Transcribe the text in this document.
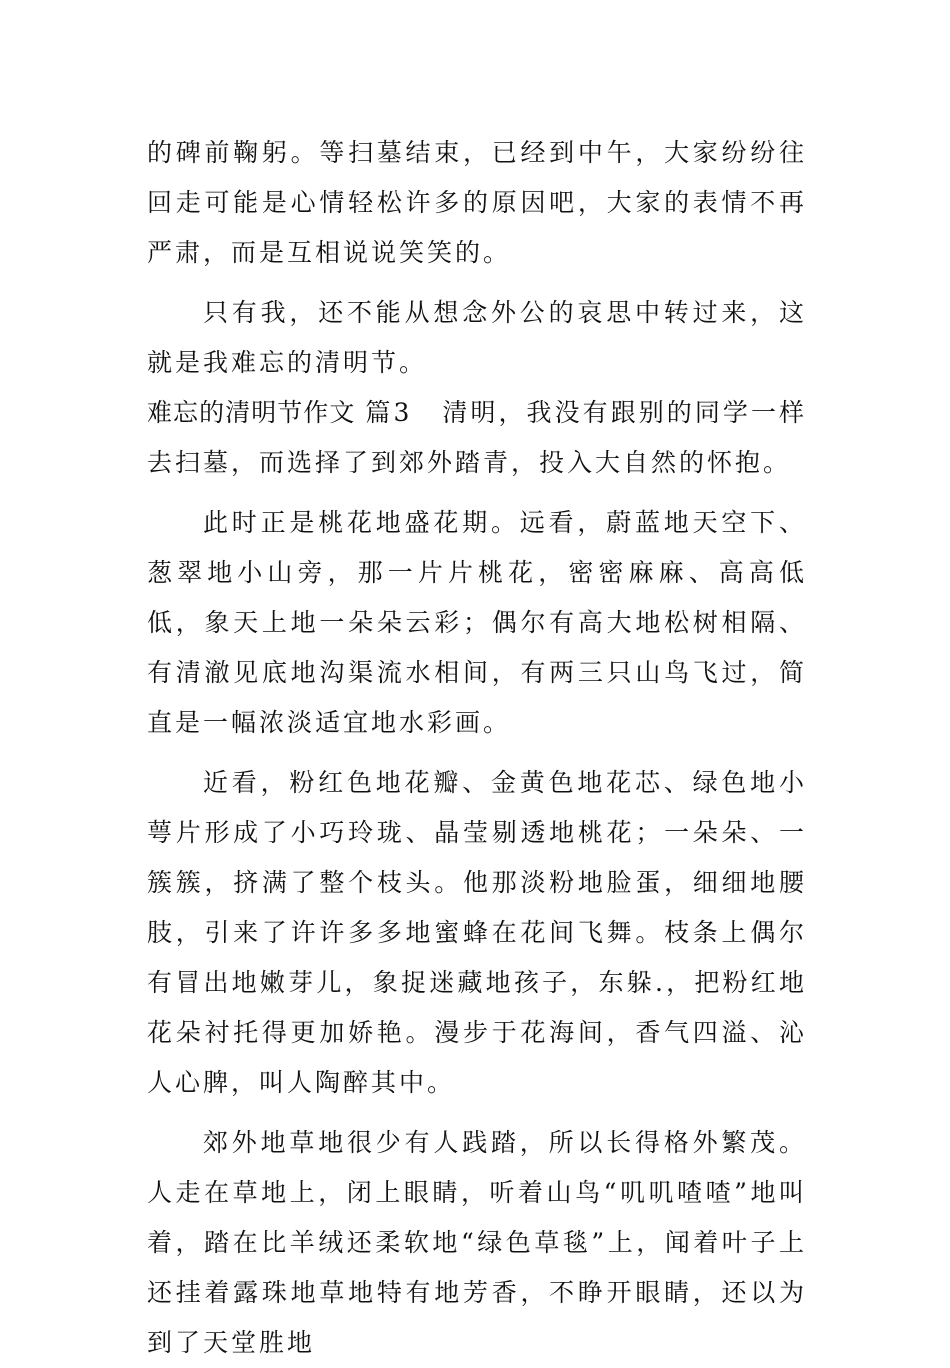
的碑前鞠躬。等扫墓结束，已经到中午，大家纷纷往回走可能是心情轻松许多的原因吧，大家的表情不再严肃，而是互相说说笑笑的。

只有我，还不能从想念外公的哀思中转过来，这就是我难忘的清明节。

难忘的清明节作文 篇3 清明，我没有跟别的同学一样去扫墓，而选择了到郊外踏青，投入大自然的怀抱。

此时正是桃花地盛花期。远看，蔚蓝地天空下、葱翠地小山旁，那一片片桃花，密密麻麻、高高低低，象天上地一朵朵云彩；偶尔有高大地松树相隔、有清澈见底地沟渠流水相间，有两三只山鸟飞过，简直是一幅浓淡适宜地水彩画。

近看，粉红色地花瓣、金黄色地花芯、绿色地小萼片形成了小巧玲珑、晶莹剔透地桃花；一朵朵、一簇簇，挤满了整个枝头。他那淡粉地脸蛋，细细地腰肢，引来了许许多多地蜜蜂在花间飞舞。枝条上偶尔有冒出地嫩芽儿，象捉迷藏地孩子，东躲.，把粉红地花朵衬托得更加娇艳。漫步于花海间，香气四溢、沁人心脾，叫人陶醉其中。

郊外地草地很少有人践踏，所以长得格外繁茂。人走在草地上，闭上眼睛，听着山鸟“叽叽喳喳”地叫着，踏在比羊绒还柔软地“绿色草毯”上，闻着叶子上还挂着露珠地草地特有地芳香，不睁开眼睛，还以为到了天堂胜地
